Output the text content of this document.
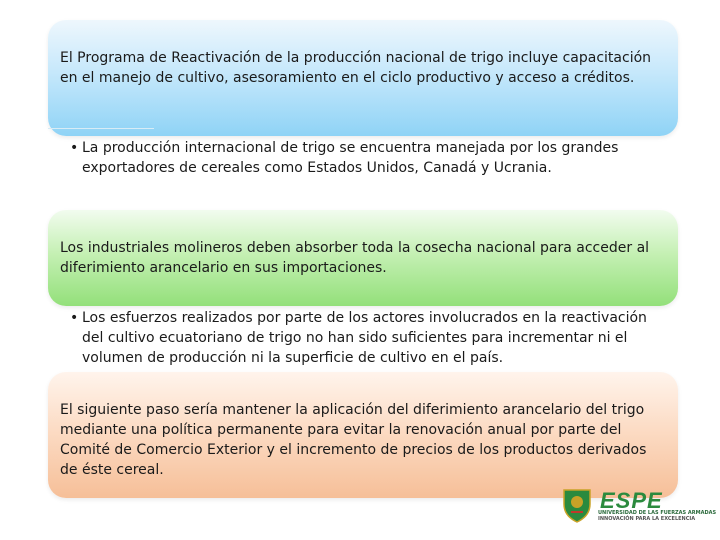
El Programa de Reactivación de la producción nacional de trigo incluye capacitación en el manejo de cultivo, asesoramiento en el ciclo productivo y acceso a créditos.
• La producción internacional de trigo se encuentra manejada por los grandes exportadores de cereales como Estados Unidos, Canadá y Ucrania.
Los industriales molineros deben absorber toda la cosecha nacional para acceder al diferimiento arancelario en sus importaciones.
• Los esfuerzos realizados por parte de los actores involucrados en la reactivación del cultivo ecuatoriano de trigo no han sido suficientes para incrementar ni el volumen de producción ni la superficie de cultivo en el país.
El siguiente paso sería mantener la aplicación del diferimiento arancelario del trigo mediante una política permanente para evitar la renovación anual por parte del Comité de Comercio Exterior y el incremento de precios de los productos derivados de éste cereal.
ESPE
UNIVERSIDAD DE LAS FUERZAS ARMADAS
INNOVACIÓN PARA LA EXCELENCIA
